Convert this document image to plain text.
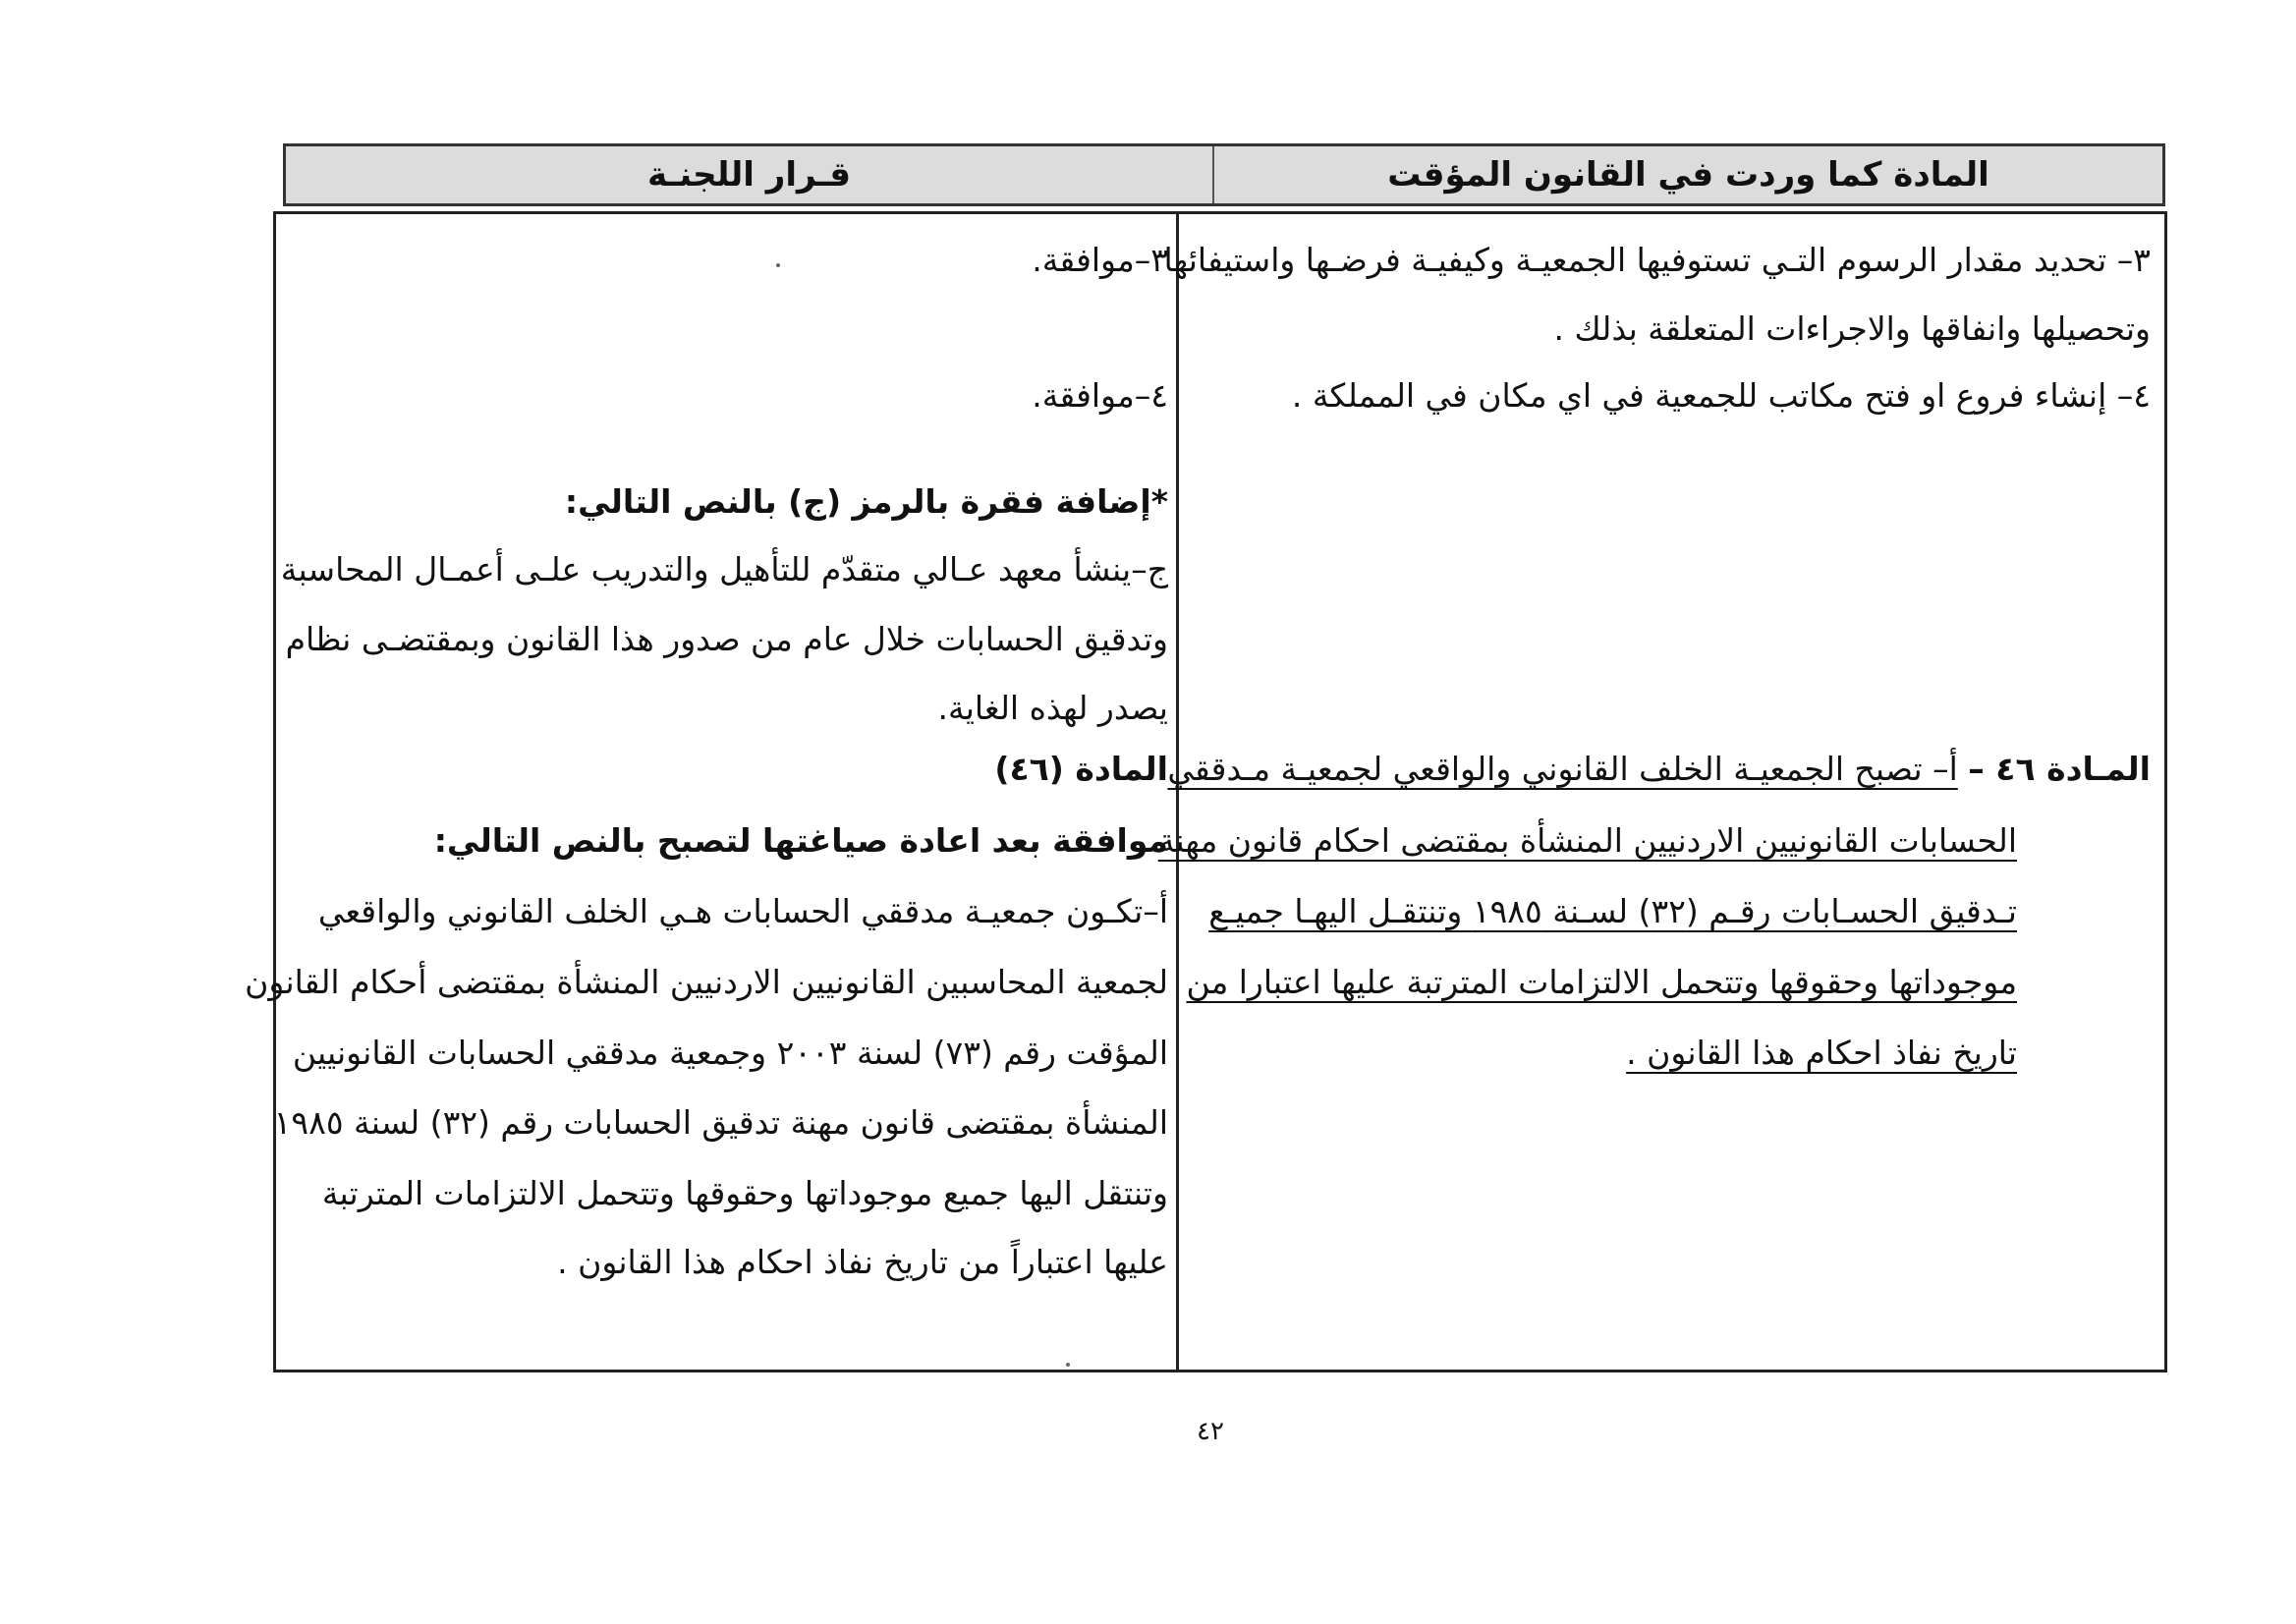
قـرار اللجنـة	المادة كما وردت في القانون المؤقت
٣– تحديد مقدار الرسوم التـي تستوفيها الجمعيـة وكيفيـة فرضـها واستيفائها
وتحصيلها وانفاقها والاجراءات المتعلقة بذلك .
٤– إنشاء فروع او فتح مكاتب للجمعية في اي مكان في المملكة .
المـادة ٤٦ – أ– تصبح الجمعيـة الخلف القانوني والواقعي لجمعيـة مـدققي
الحسابات القانونيين الاردنيين المنشأة بمقتضى احكام قانون مهنة
تـدقيق الحسـابات رقـم (٣٢) لسـنة ١٩٨٥ وتنتقـل اليهـا جميـع
موجوداتها وحقوقها وتتحمل الالتزامات المترتبة عليها اعتبارا من
تاريخ نفاذ احكام هذا القانون .
٣–موافقة.
٤–موافقة.
*إضافة فقرة بالرمز (ج) بالنص التالي:
ج–ينشأ معهد عـالي متقدّم للتأهيل والتدريب علـى أعمـال المحاسبة
وتدقيق الحسابات خلال عام من صدور هذا القانون وبمقتضـى نظام
يصدر لهذه الغاية.
المادة (٤٦)
موافقة بعد اعادة صياغتها لتصبح بالنص التالي:
أ–تكـون جمعيـة مدققي الحسابات هـي الخلف القانوني والواقعي
لجمعية المحاسبين القانونيين الاردنيين المنشأة بمقتضى أحكام القانون
المؤقت رقم (٧٣) لسنة ٢٠٠٣ وجمعية مدققي الحسابات القانونيين
المنشأة بمقتضى قانون مهنة تدقيق الحسابات رقم (٣٢) لسنة ١٩٨٥
وتنتقل اليها جميع موجوداتها وحقوقها وتتحمل الالتزامات المترتبة
عليها اعتباراً من تاريخ نفاذ احكام هذا القانون .
٤٢
